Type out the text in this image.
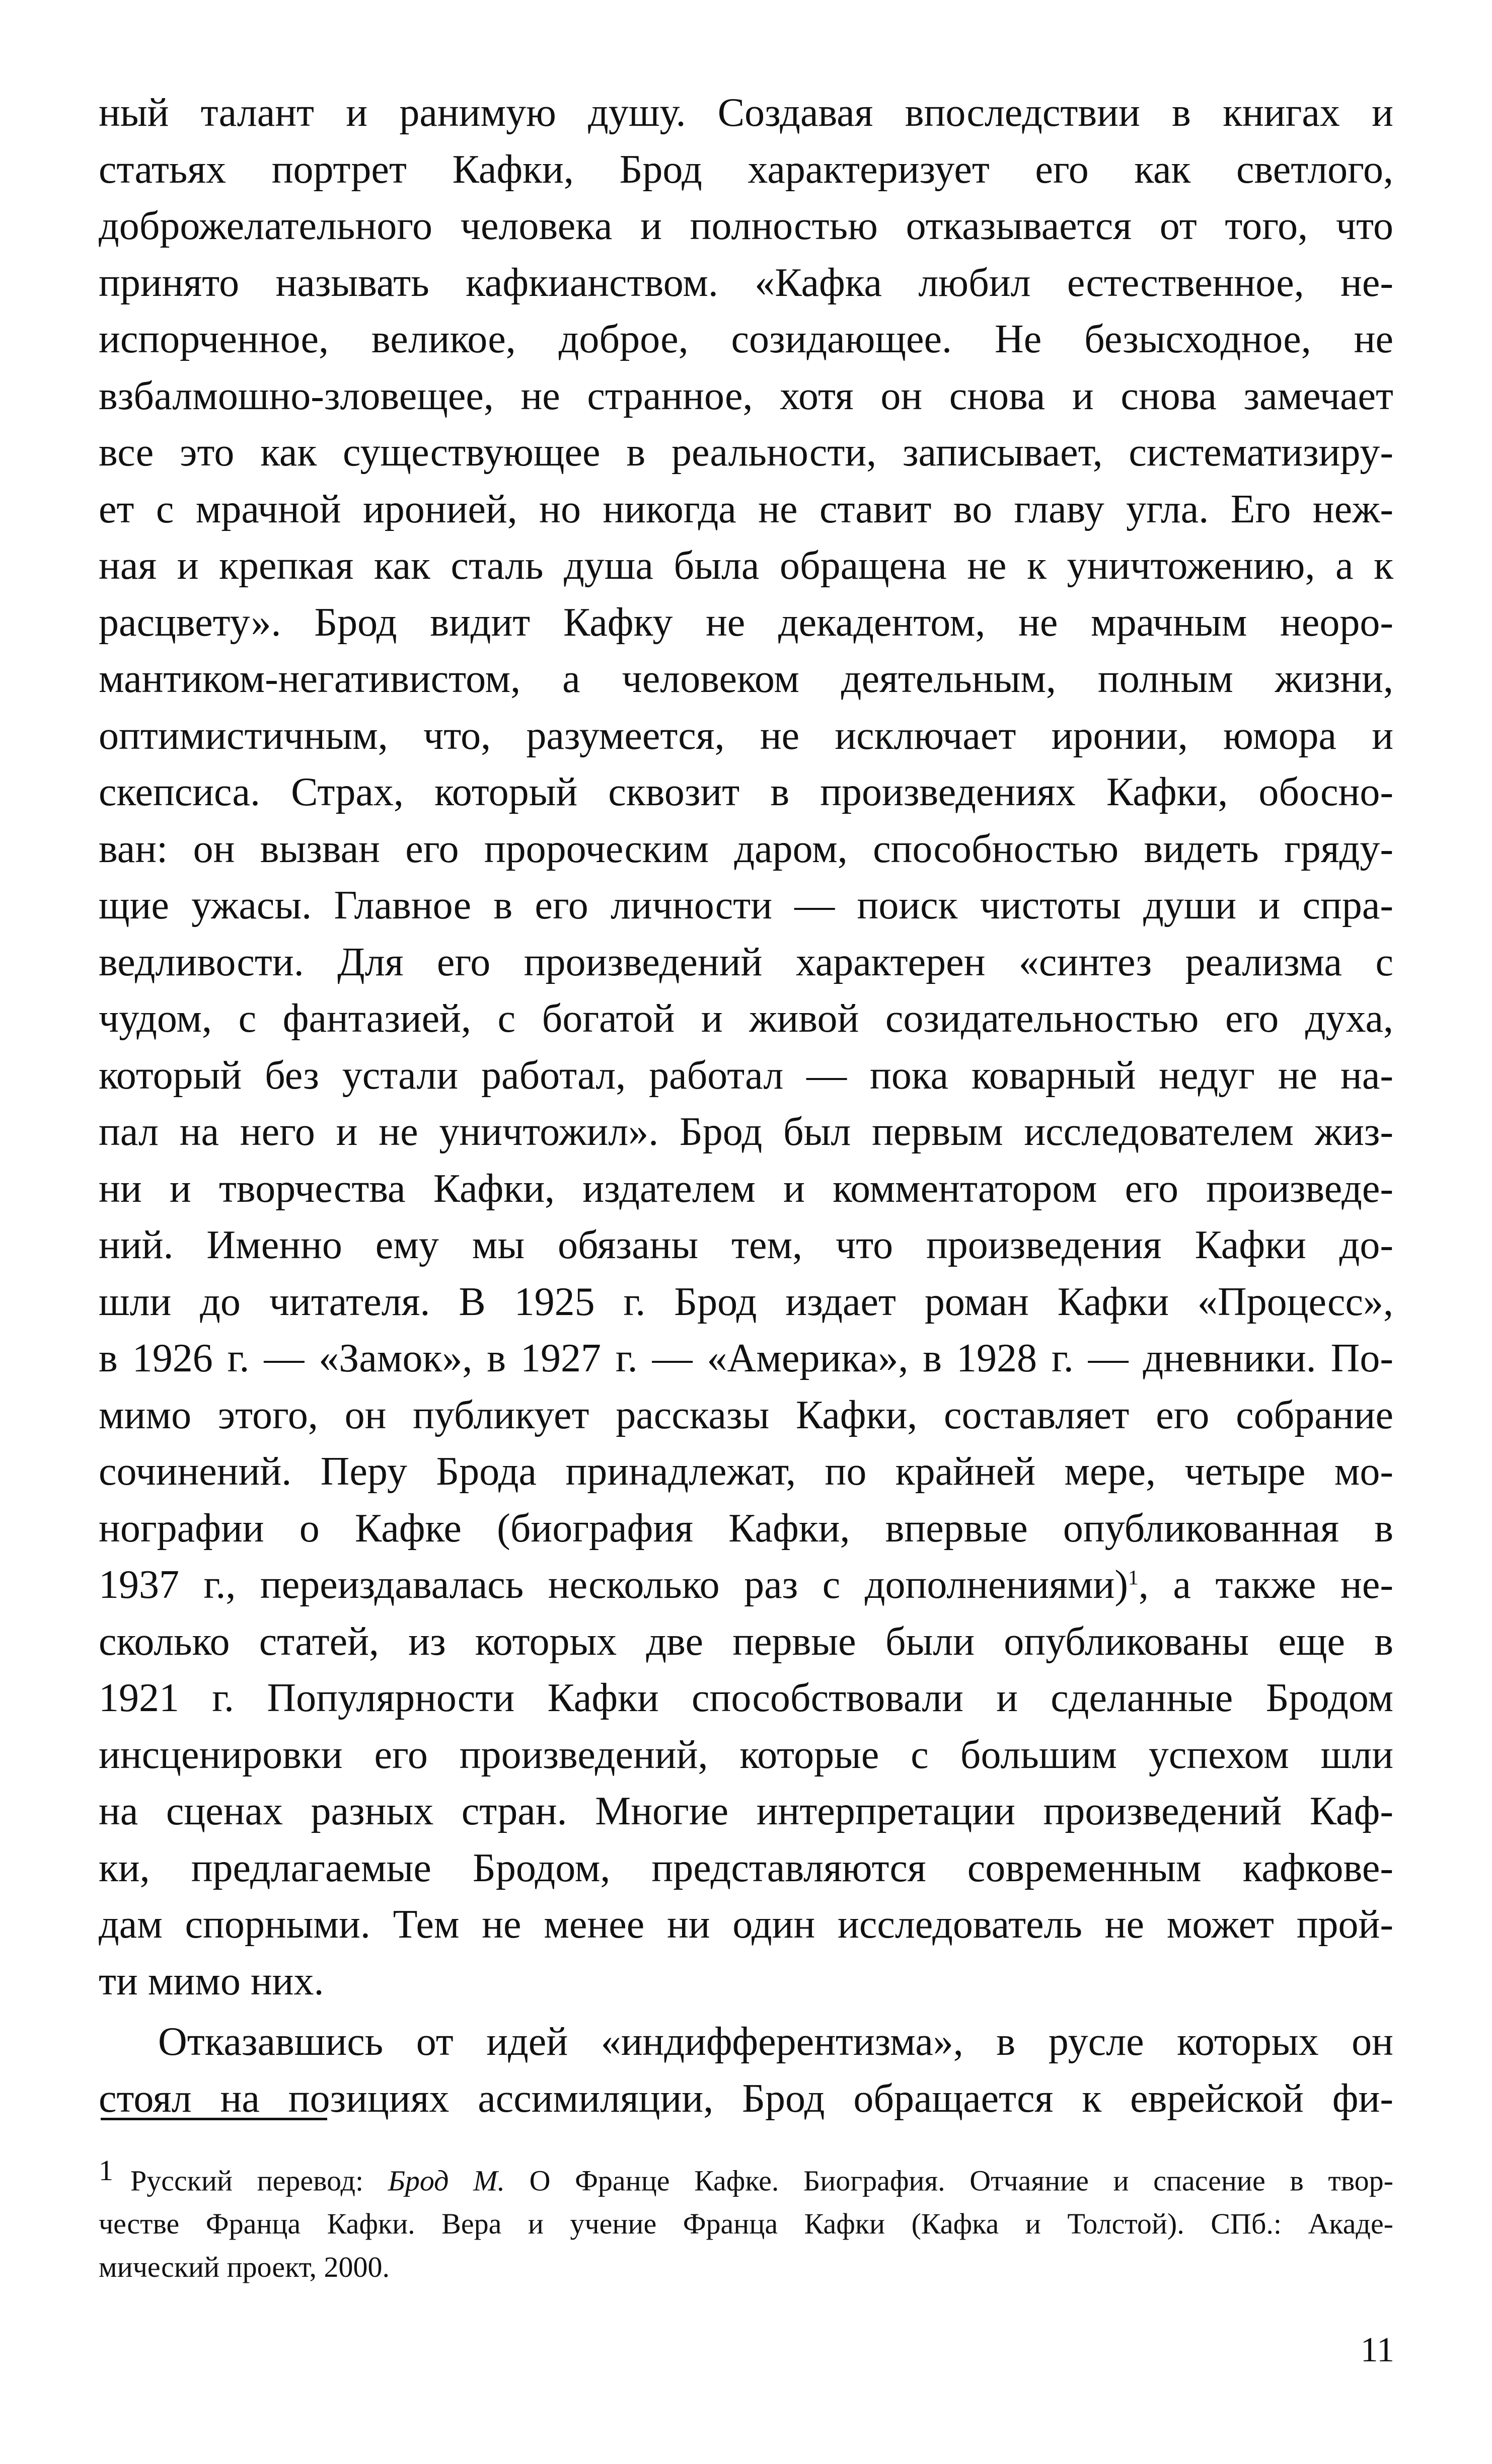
ный талант и ранимую душу. Создавая впоследствии в книгах и
статьях портрет Кафки, Брод характеризует его как светлого,
доброжелательного человека и полностью отказывается от того, что
принято называть кафкианством. «Кафка любил естественное, не-
испорченное, великое, доброе, созидающее. Не безысходное, не
взбалмошно-зловещее, не странное, хотя он снова и снова замечает
все это как существующее в реальности, записывает, систематизиру-
ет с мрачной иронией, но никогда не ставит во главу угла. Его неж-
ная и крепкая как сталь душа была обращена не к уничтожению, а к
расцвету». Брод видит Кафку не декадентом, не мрачным неоро-
мантиком-негативистом, а человеком деятельным, полным жизни,
оптимистичным, что, разумеется, не исключает иронии, юмора и
скепсиса. Страх, который сквозит в произведениях Кафки, обосно-
ван: он вызван его пророческим даром, способностью видеть гряду-
щие ужасы. Главное в его личности — поиск чистоты души и спра-
ведливости. Для его произведений характерен «синтез реализма с
чудом, с фантазией, с богатой и живой созидательностью его духа,
который без устали работал, работал — пока коварный недуг не на-
пал на него и не уничтожил». Брод был первым исследователем жиз-
ни и творчества Кафки, издателем и комментатором его произведе-
ний. Именно ему мы обязаны тем, что произведения Кафки до-
шли до читателя. В 1925 г. Брод издает роман Кафки «Процесс»,
в 1926 г. — «Замок», в 1927 г. — «Америка», в 1928 г. — дневники. По-
мимо этого, он публикует рассказы Кафки, составляет его собрание
сочинений. Перу Брода принадлежат, по крайней мере, четыре мо-
нографии о Кафке (биография Кафки, впервые опубликованная в
1937 г., переиздавалась несколько раз с дополнениями)$^1$, а также не-
сколько статей, из которых две первые были опубликованы еще в
1921 г. Популярности Кафки способствовали и сделанные Бродом
инсценировки его произведений, которые с большим успехом шли
на сценах разных стран. Многие интерпретации произведений Каф-
ки, предлагаемые Бродом, представляются современным кафкове-
дам спорными. Тем не менее ни один исследователь не может прой-
ти мимо них.
Отказавшись от идей «индифферентизма», в русле которых он
стоял на позициях ассимиляции, Брод обращается к еврейской фи-
1 Русский перевод: Брод М. О Франце Кафке. Биография. Отчаяние и спасение в твор-
честве Франца Кафки. Вера и учение Франца Кафки (Кафка и Толстой). СПб.: Акаде-
мический проект, 2000.
11
